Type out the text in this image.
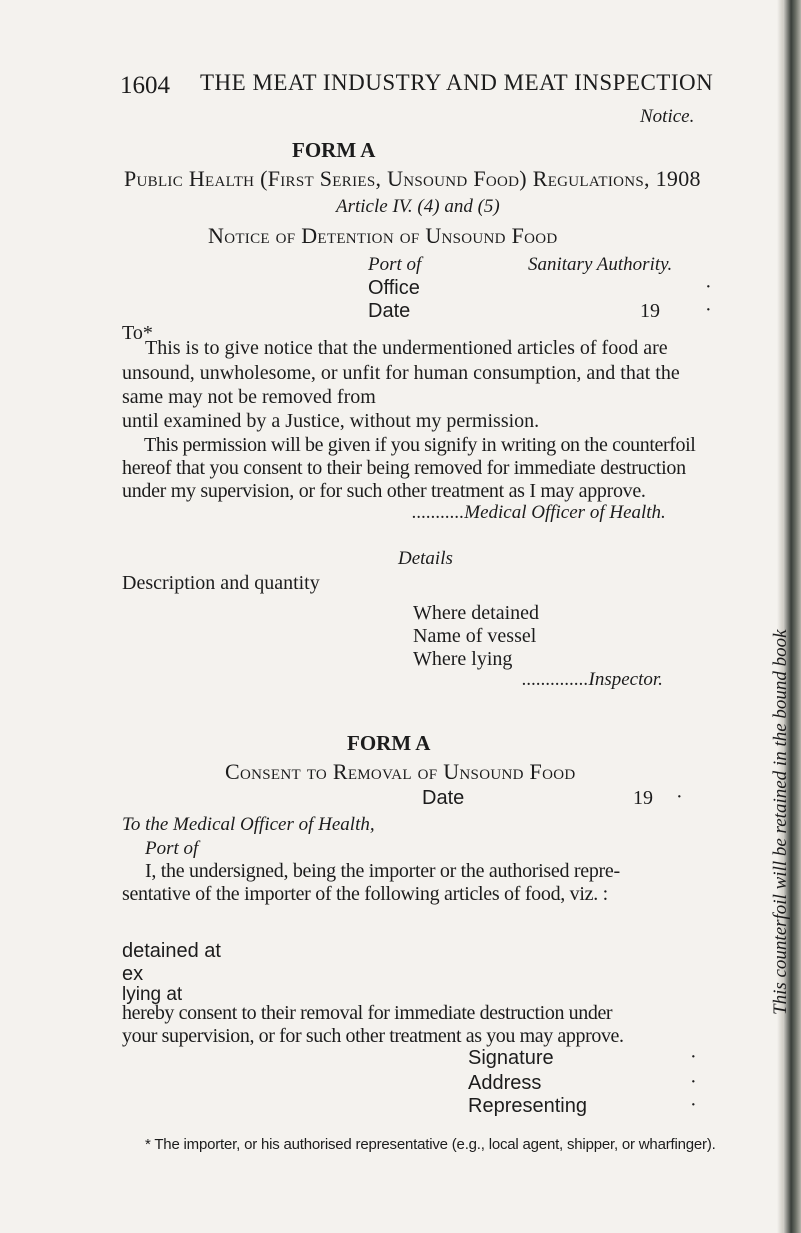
1604 THE MEAT INDUSTRY AND MEAT INSPECTION
Notice.
FORM A
Public Health (First Series, Unsound Food) Regulations, 1908
Article IV. (4) and (5)
Notice of Detention of Unsound Food
Port of	Sanitary Authority.
Office	·
Date	19 ·
To*
This is to give notice that the undermentioned articles of food are
unsound, unwholesome, or unfit for human consumption, and that the
same may not be removed from
until examined by a Justice, without my permission.
This permission will be given if you signify in writing on the counterfoil
hereof that you consent to their being removed for immediate destruction
under my supervision, or for such other treatment as I may approve.
...........Medical Officer of Health.
Details
Description and quantity
Where detained
Name of vessel
Where lying
..............Inspector.
FORM A
Consent to Removal of Unsound Food
Date	19 ·
To the Medical Officer of Health,
Port of
I, the undersigned, being the importer or the authorised repre-
sentative of the importer of the following articles of food, viz. :
detained at
ex
lying at
hereby consent to their removal for immediate destruction under
your supervision, or for such other treatment as you may approve.
Signature	·
Address	·
Representing	·
* The importer, or his authorised representative (e.g., local agent, shipper, or wharfinger).
This counterfoil will be retained in the bound book
